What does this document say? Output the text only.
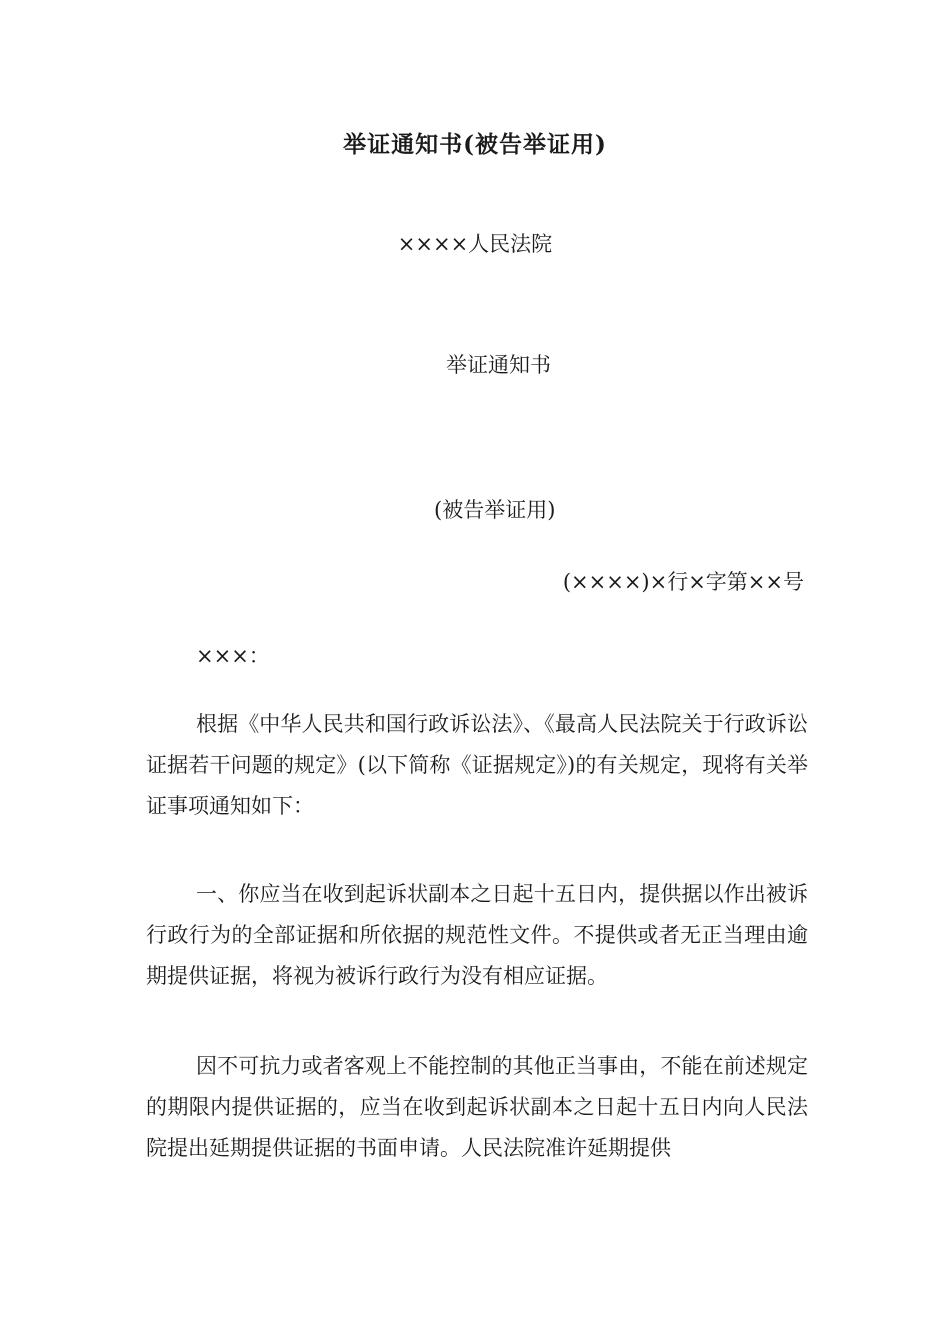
举证通知书(被告举证用)
××××人民法院
举证通知书
(被告举证用)
(××××)×行×字第××号
×××：

根据《中华人民共和国行政诉讼法》、《最高人民法院关于行政诉讼证据若干问题的规定》(以下简称《证据规定》)的有关规定，现将有关举证事项通知如下：

一、你应当在收到起诉状副本之日起十五日内，提供据以作出被诉行政行为的全部证据和所依据的规范性文件。不提供或者无正当理由逾期提供证据，将视为被诉行政行为没有相应证据。

因不可抗力或者客观上不能控制的其他正当事由，不能在前述规定的期限内提供证据的，应当在收到起诉状副本之日起十五日内向人民法院提出延期提供证据的书面申请。人民法院准许延期提供
